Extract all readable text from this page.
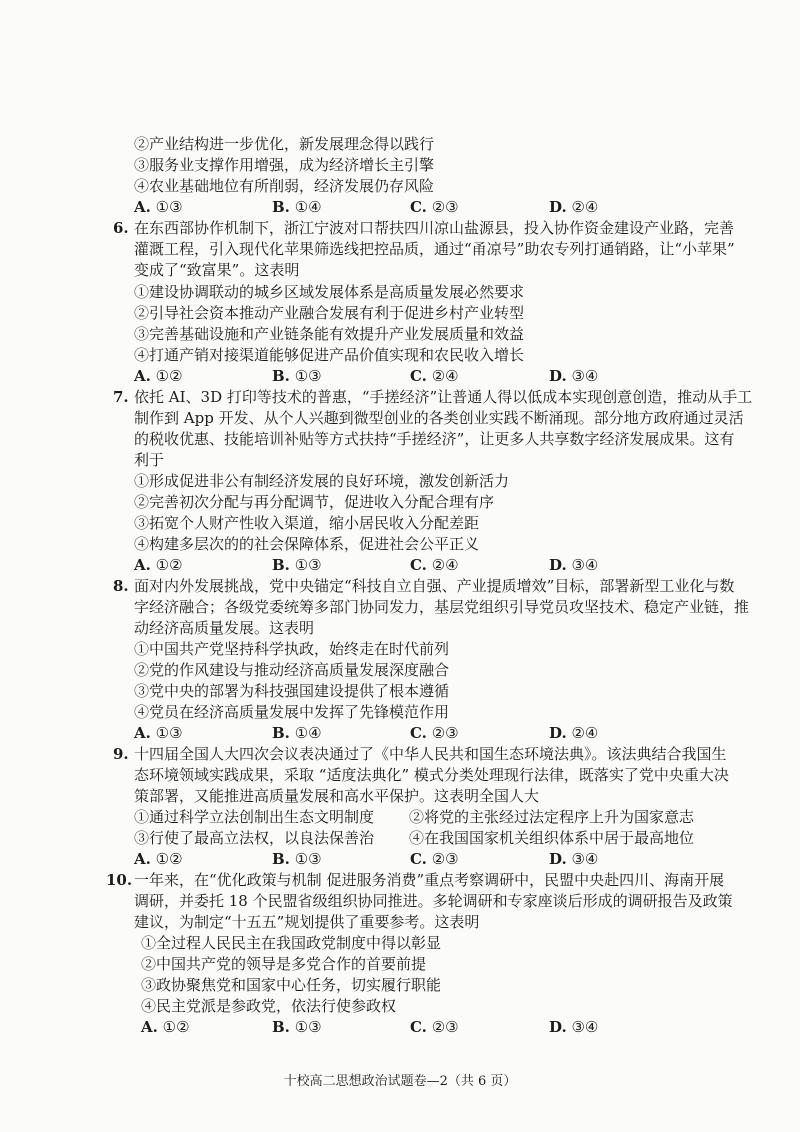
②产业结构进一步优化，新发展理念得以践行
③服务业支撑作用增强，成为经济增长主引擎
④农业基础地位有所削弱，经济发展仍存风险
A. ①③	B. ①④	C. ②③	D. ②④
6. 在东西部协作机制下，浙江宁波对口帮扶四川凉山盐源县，投入协作资金建设产业路，完善
灌溉工程，引入现代化苹果筛选线把控品质，通过“甬凉号”助农专列打通销路，让“小苹果”
变成了“致富果”。这表明
①建设协调联动的城乡区域发展体系是高质量发展必然要求
②引导社会资本推动产业融合发展有利于促进乡村产业转型
③完善基础设施和产业链条能有效提升产业发展质量和效益
④打通产销对接渠道能够促进产品价值实现和农民收入增长
A. ①②	B. ①③	C. ②④	D. ③④
7. 依托 AI、3D 打印等技术的普惠，“手搓经济”让普通人得以低成本实现创意创造，推动从手工
制作到 App 开发、从个人兴趣到微型创业的各类创业实践不断涌现。部分地方政府通过灵活
的税收优惠、技能培训补贴等方式扶持“手搓经济”，让更多人共享数字经济发展成果。这有
利于
①形成促进非公有制经济发展的良好环境，激发创新活力
②完善初次分配与再分配调节，促进收入分配合理有序
③拓宽个人财产性收入渠道，缩小居民收入分配差距
④构建多层次的的社会保障体系，促进社会公平正义
A. ①②	B. ①③	C. ②④	D. ③④
8. 面对内外发展挑战，党中央锚定“科技自立自强、产业提质增效”目标，部署新型工业化与数
字经济融合；各级党委统筹多部门协同发力，基层党组织引导党员攻坚技术、稳定产业链，推
动经济高质量发展。这表明
①中国共产党坚持科学执政，始终走在时代前列
②党的作风建设与推动经济高质量发展深度融合
③党中央的部署为科技强国建设提供了根本遵循
④党员在经济高质量发展中发挥了先锋模范作用
A. ①③	B. ①④	C. ②③	D. ②④
9. 十四届全国人大四次会议表决通过了《中华人民共和国生态环境法典》。该法典结合我国生
态环境领域实践成果，采取 “适度法典化” 模式分类处理现行法律，既落实了党中央重大决
策部署，又能推进高质量发展和高水平保护。这表明全国人大
①通过科学立法创制出生态文明制度 ②将党的主张经过法定程序上升为国家意志
③行使了最高立法权，以良法保善治 ④在我国国家机关组织体系中居于最高地位
A. ①②	B. ①③	C. ②③	D. ③④
10. 一年来，在“优化政策与机制 促进服务消费”重点考察调研中，民盟中央赴四川、海南开展
调研，并委托 18 个民盟省级组织协同推进。多轮调研和专家座谈后形成的调研报告及政策
建议，为制定“十五五”规划提供了重要参考。这表明
①全过程人民民主在我国政党制度中得以彰显
②中国共产党的领导是多党合作的首要前提
③政协聚焦党和国家中心任务，切实履行职能
④民主党派是参政党，依法行使参政权
A. ①②	B. ①③	C. ②③	D. ③④
十校高二思想政治试题卷—2（共 6 页）
